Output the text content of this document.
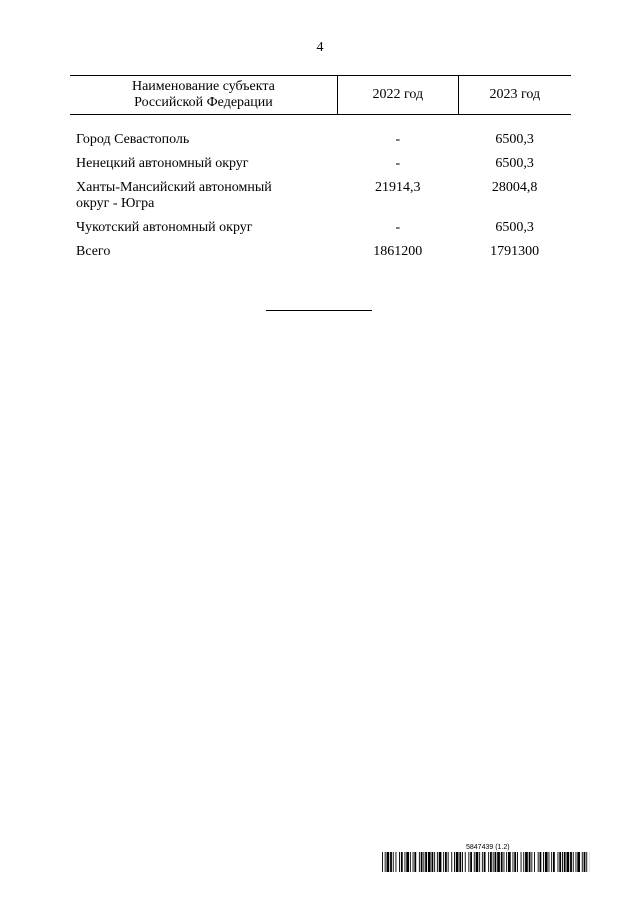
4
Наименование субъекта Российской Федерации	2022 год	2023 год
Город Севастополь	-	6500,3
Ненецкий автономный округ	-	6500,3
Ханты-Мансийский автономный округ - Югра	21914,3	28004,8
Чукотский автономный округ	-	6500,3
Всего	1861200	1791300
5847439 (1.2)
